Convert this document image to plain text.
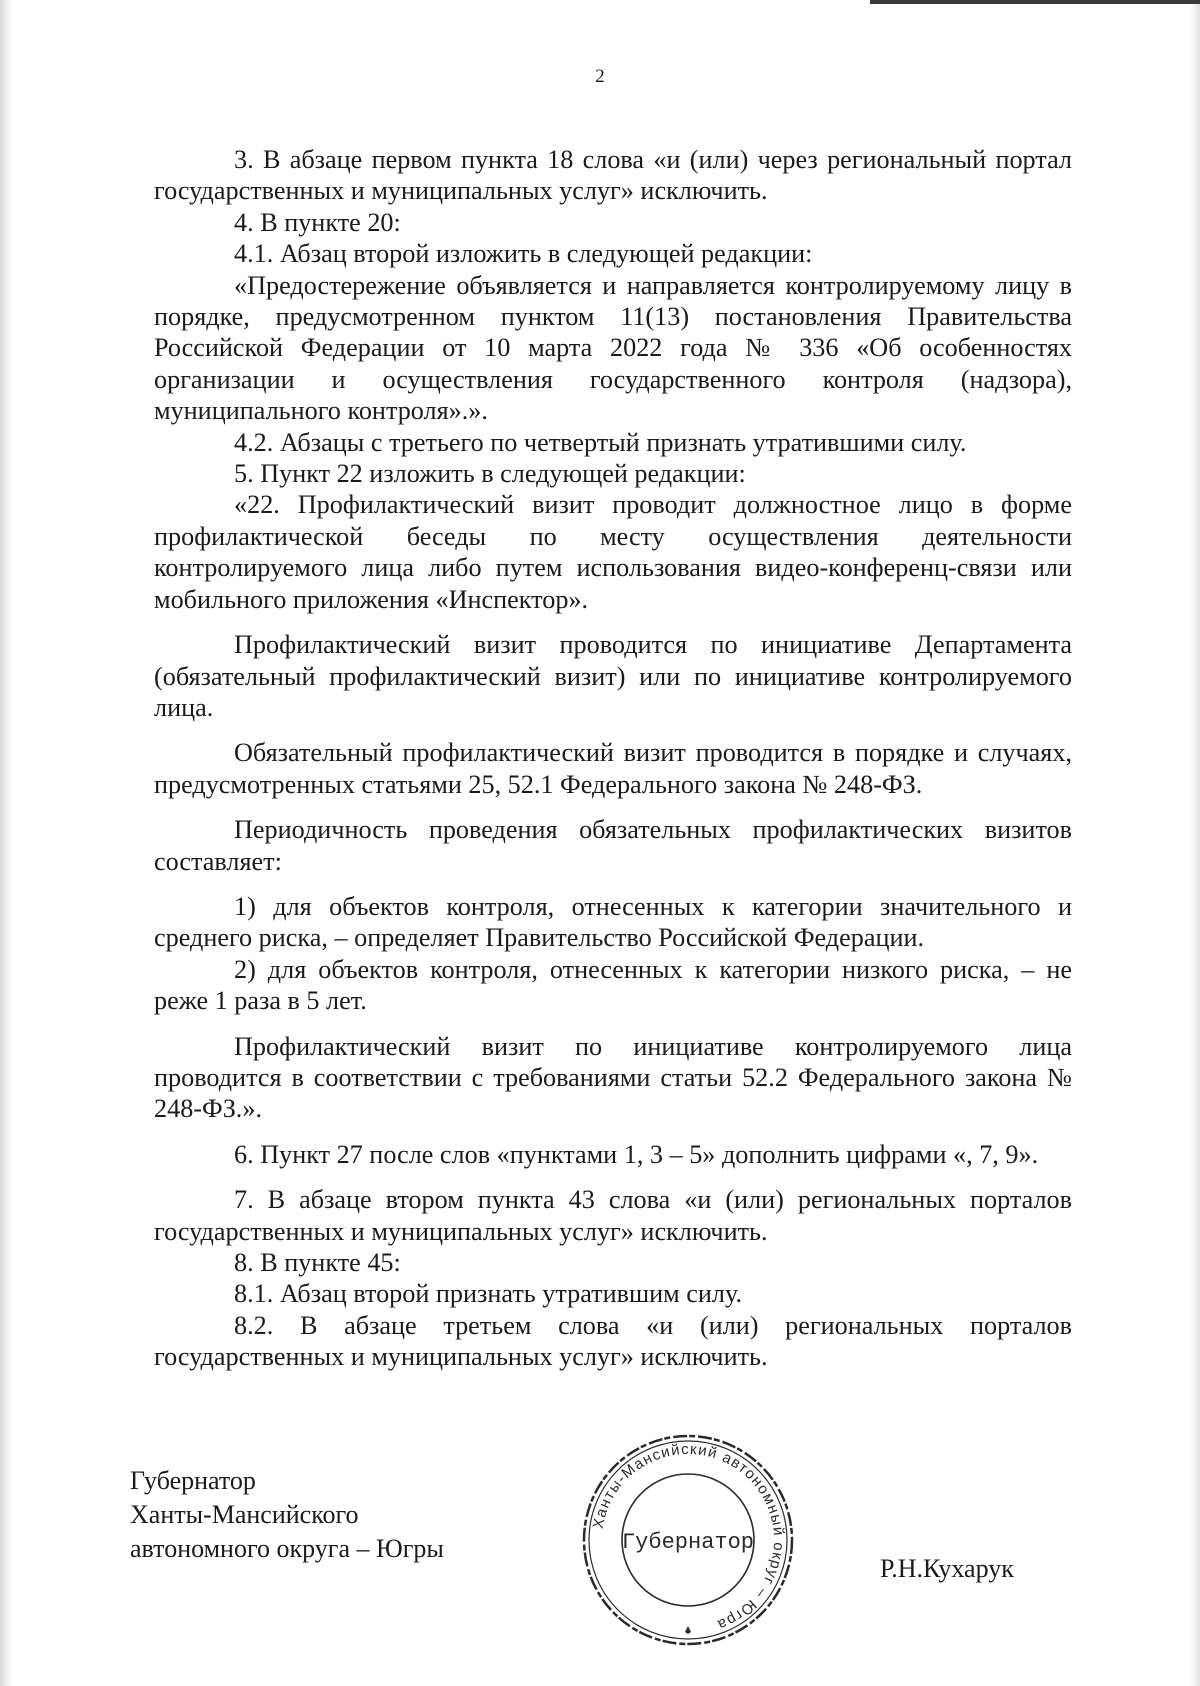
2

3. В абзаце первом пункта 18 слова «и (или) через региональный портал государственных и муниципальных услуг» исключить.

4. В пункте 20:

4.1. Абзац второй изложить в следующей редакции:

«Предостережение объявляется и направляется контролируемому лицу в порядке, предусмотренном пунктом 11(13) постановления Правительства Российской Федерации от 10 марта 2022 года № 336 «Об особенностях организации и осуществления государственного контроля (надзора), муниципального контроля».».

4.2. Абзацы с третьего по четвертый признать утратившими силу.

5. Пункт 22 изложить в следующей редакции:

«22. Профилактический визит проводит должностное лицо в форме профилактической беседы по месту осуществления деятельности контролируемого лица либо путем использования видео-конференц-связи или мобильного приложения «Инспектор».

Профилактический визит проводится по инициативе Департамента (обязательный профилактический визит) или по инициативе контролируемого лица.

Обязательный профилактический визит проводится в порядке и случаях, предусмотренных статьями 25, 52.1 Федерального закона № 248-ФЗ.

Периодичность проведения обязательных профилактических визитов составляет:

1) для объектов контроля, отнесенных к категории значительного и среднего риска, – определяет Правительство Российской Федерации.

2) для объектов контроля, отнесенных к категории низкого риска, – не реже 1 раза в 5 лет.

Профилактический визит по инициативе контролируемого лица проводится в соответствии с требованиями статьи 52.2 Федерального закона № 248-ФЗ.».

6. Пункт 27 после слов «пунктами 1, 3 – 5» дополнить цифрами «, 7, 9».

7. В абзаце втором пункта 43 слова «и (или) региональных порталов государственных и муниципальных услуг» исключить.

8. В пункте 45:

8.1. Абзац второй признать утратившим силу.

8.2. В абзаце третьем слова «и (или) региональных порталов государственных и муниципальных услуг» исключить.

Губернатор
Ханты-Мансийского
автономного округа – Югры
Ханты-Мансийский автономный округ – Югра
Губернатор
Р.Н.Кухарук
